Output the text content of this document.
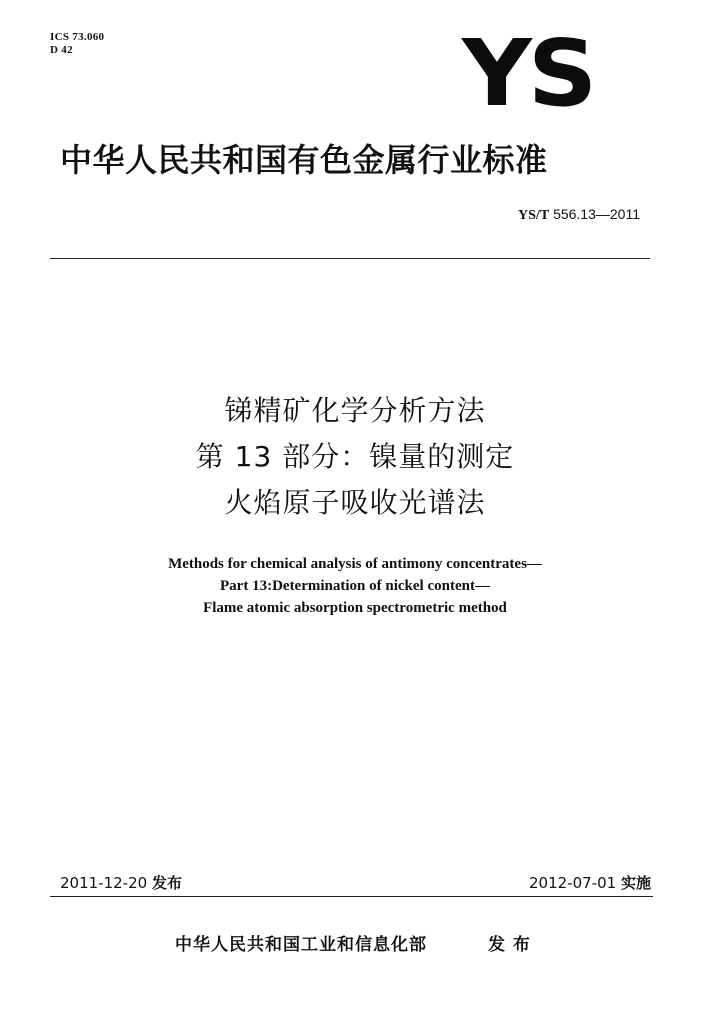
ICS 73.060
D 42	YS
中华人民共和国有色金属行业标准
YS/T 556.13—2011
锑精矿化学分析方法
第 13 部分：镍量的测定
火焰原子吸收光谱法
Methods for chemical analysis of antimony concentrates—
Part 13:Determination of nickel content—
Flame atomic absorption spectrometric method
2011-12-20 发布	2012-07-01 实施
中华人民共和国工业和信息化部	发 布
